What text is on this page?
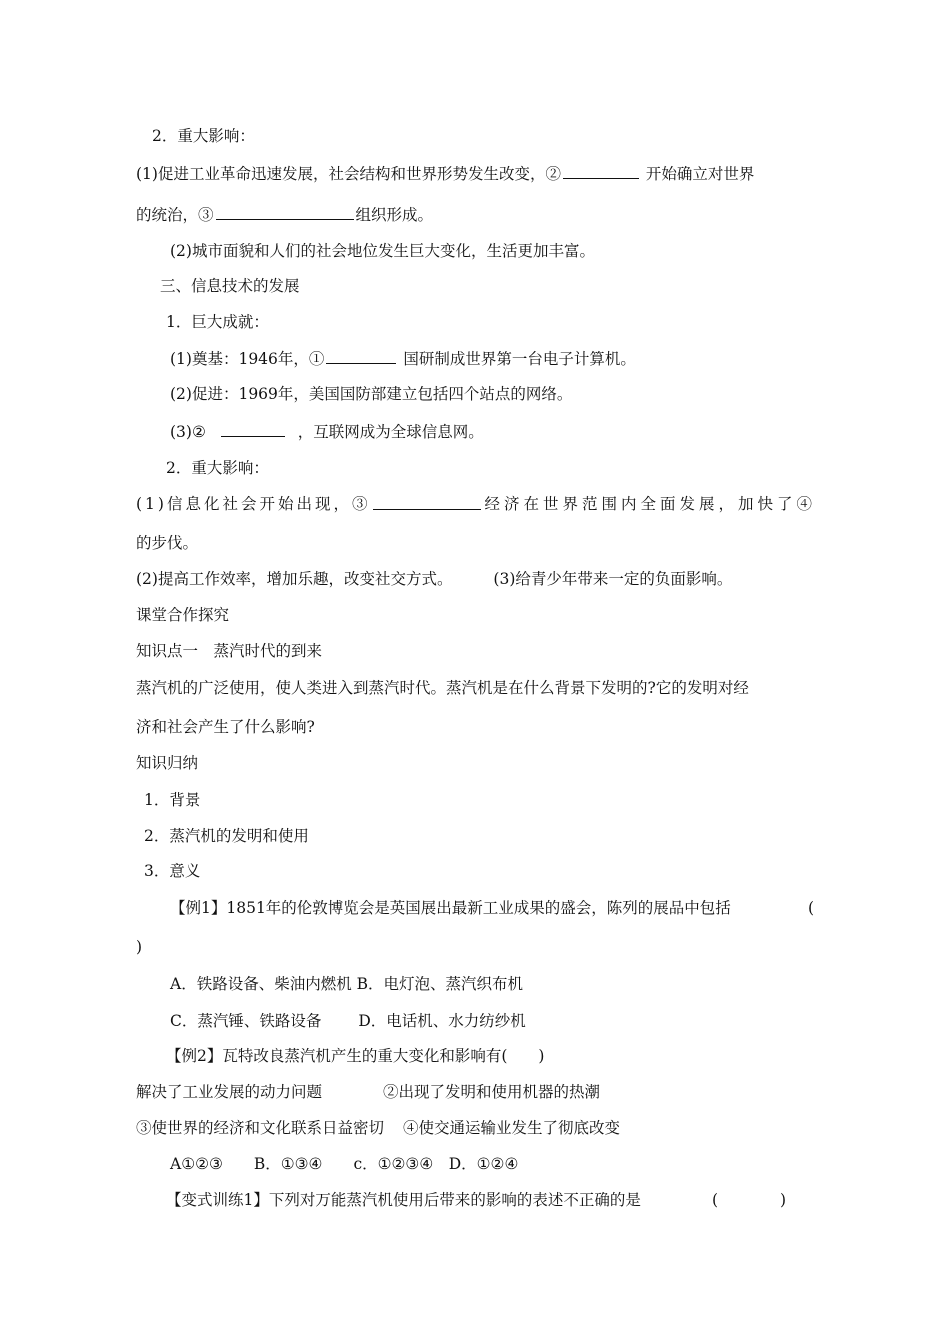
2．重大影响：
(1)促进工业革命迅速发展，社会结构和世界形势发生改变，②	开始确立对世界
的统治，③	组织形成。
(2)城市面貌和人们的社会地位发生巨大变化，生活更加丰富。
三、信息技术的发展
1．巨大成就：
(1)奠基：1946年，①	国研制成世界第一台电子计算机。
(2)促进：1969年，美国国防部建立包括四个站点的网络。
(3)②	，互联网成为全球信息网。
2．重大影响：
(1)信息化社会开始出现，③	经济在世界范围内全面发展，加快了④
的步伐。
(2)提高工作效率，增加乐趣，改变社交方式。	(3)给青少年带来一定的负面影响。
课堂合作探究
知识点一　蒸汽时代的到来
蒸汽机的广泛使用，使人类进入到蒸汽时代。蒸汽机是在什么背景下发明的?它的发明对经
济和社会产生了什么影响?
知识归纳
1．背景
2．蒸汽机的发明和使用
3．意义
【例1】1851年的伦敦博览会是英国展出最新工业成果的盛会，陈列的展品中包括	(
)
A．铁路设备、柴油内燃机 B．电灯泡、蒸汽织布机
C．蒸汽锤、铁路设备 D．电话机、水力纺纱机
【例2】瓦特改良蒸汽机产生的重大变化和影响有(　　)
解决了工业发展的动力问题	②出现了发明和使用机器的热潮
③使世界的经济和文化联系日益密切 ④使交通运输业发生了彻底改变
A①②③　　B．①③④　　c．①②③④　D．①②④
【变式训练1】下列对万能蒸汽机使用后带来的影响的表述不正确的是	(　　　　)
